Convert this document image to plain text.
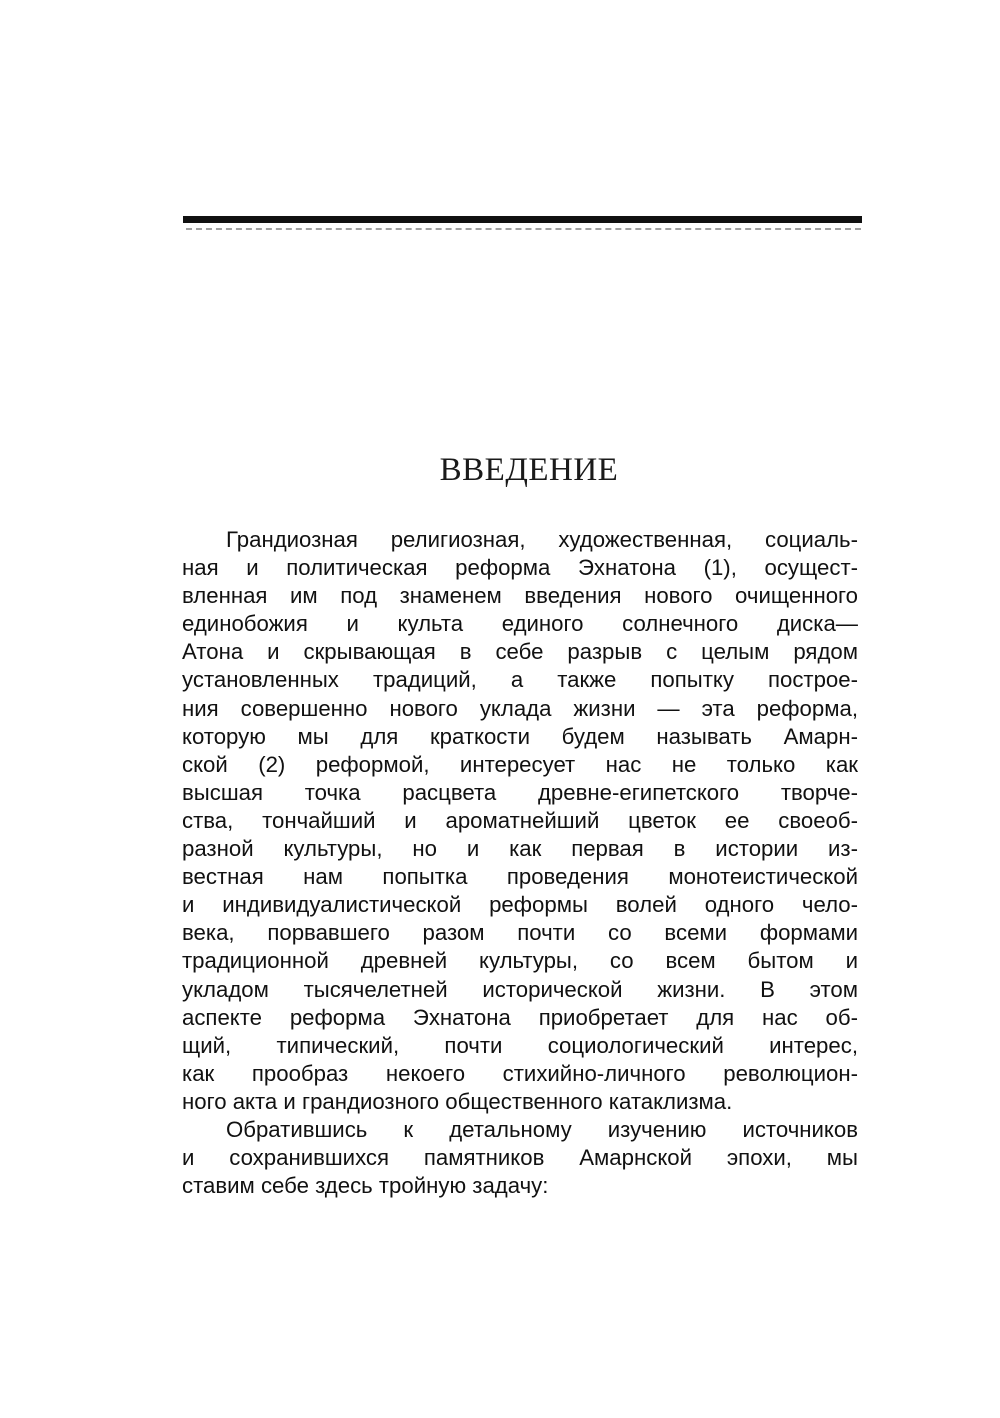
ВВЕДЕНИЕ
Грандиозная религиозная, художественная, социаль-
ная и политическая реформа Эхнатона (1), осущест-
вленная им под знаменем введения нового очищенного
единобожия и культа единого солнечного диска—
Атона и скрывающая в себе разрыв с целым рядом
установленных традиций, а также попытку построе-
ния совершенно нового уклада жизни — эта реформа,
которую мы для краткости будем называть Амарн-
ской (2) реформой, интересует нас не только как
высшая точка расцвета древне-египетского творче-
ства, тончайший и ароматнейший цветок ее своеоб-
разной культуры, но и как первая в истории из-
вестная нам попытка проведения монотеистической
и индивидуалистической реформы волей одного чело-
века, порвавшего разом почти со всеми формами
традиционной древней культуры, со всем бытом и
укладом тысячелетней исторической жизни. В этом
аспекте реформа Эхнатона приобретает для нас об-
щий, типический, почти социологический интерес,
как прообраз некоего стихийно-личного революцион-
ного акта и грандиозного общественного катаклизма.
Обратившись к детальному изучению источников
и сохранившихся памятников Амарнской эпохи, мы
ставим себе здесь тройную задачу:
